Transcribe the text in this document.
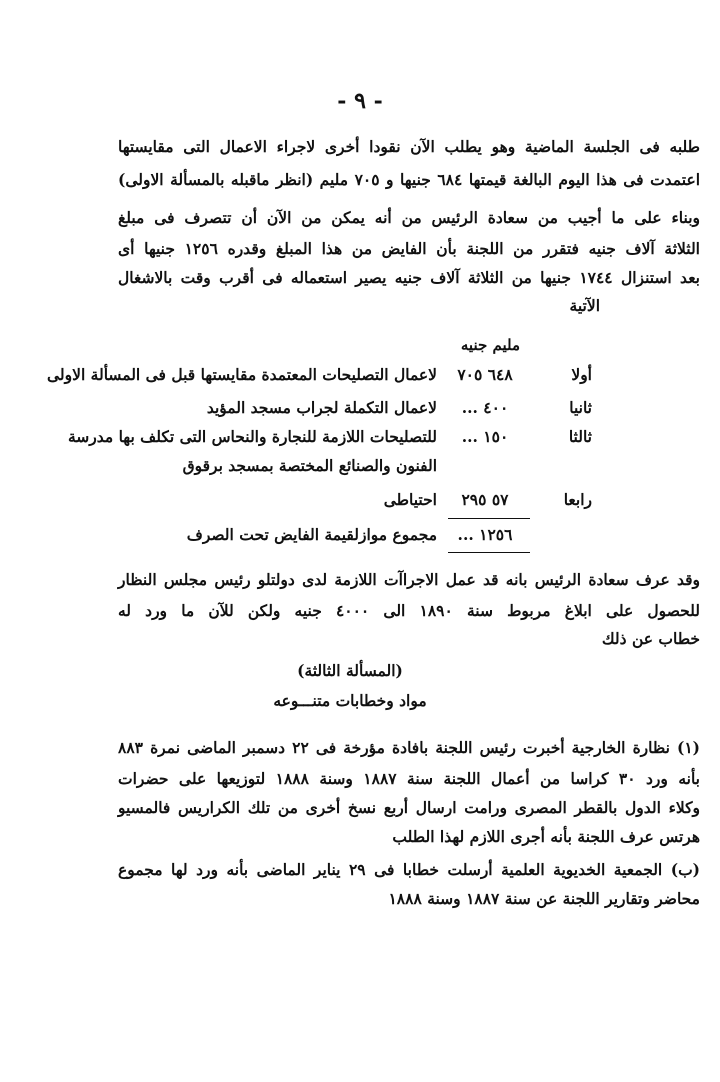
- ٩ -
طلبه فى الجلسة الماضية وهو يطلب الآن نقودا أخرى لاجراء الاعمال التى مقايستها
اعتمدت فى هذا اليوم البالغة قيمتها ٦٨٤ جنيها و ٧٠٥ مليم (انظر ماقبله بالمسألة الاولى)
وبناء على ما أجيب من سعادة الرئيس من أنه يمكن من الآن أن تتصرف فى مبلغ
الثلاثة آلاف جنيه فتقرر من اللجنة بأن الفايض من هذا المبلغ وقدره ١٢٥٦ جنيها أى
بعد استنزال ١٧٤٤ جنيها من الثلاثة آلاف جنيه يصير استعماله فى أقرب وقت بالاشغال
الآتية
مليم جنيه
أولا
٦٤٨ ٧٠٥
لاعمال التصليحات المعتمدة مقايستها قبل فى المسألة الاولى
ثانيا
٤٠٠ ...
لاعمال التكملة لجراب مسجد المؤيد
ثالثا
١٥٠ ...
للتصليحات اللازمة للنجارة والنحاس التى تكلف بها مدرسة
الفنون والصنائع المختصة بمسجد برقوق
رابعا
٥٧ ٢٩٥
احتياطى
١٢٥٦ ...
مجموع موازلقيمة الفايض تحت الصرف
وقد عرف سعادة الرئيس بانه قد عمل الاجراآت اللازمة لدى دولتلو رئيس مجلس النظار
للحصول على ابلاغ مربوط سنة ١٨٩٠ الى ٤٠٠٠ جنيه ولكن للآن ما ورد له
خطاب عن ذلك
(المسألة الثالثة)
مواد وخطابات متنـــوعه
(١) نظارة الخارجية أخبرت رئيس اللجنة بافادة مؤرخة فى ٢٢ دسمبر الماضى نمرة ٨٨٣
بأنه ورد ٣٠ كراسا من أعمال اللجنة سنة ١٨٨٧ وسنة ١٨٨٨ لتوزيعها على حضرات
وكلاء الدول بالقطر المصرى ورامت ارسال أربع نسخ أخرى من تلك الكراريس فالمسيو
هرتس عرف اللجنة بأنه أجرى اللازم لهذا الطلب
(ب) الجمعية الخديوية العلمية أرسلت خطابا فى ٢٩ يناير الماضى بأنه ورد لها مجموع
محاضر وتقارير اللجنة عن سنة ١٨٨٧ وسنة ١٨٨٨
